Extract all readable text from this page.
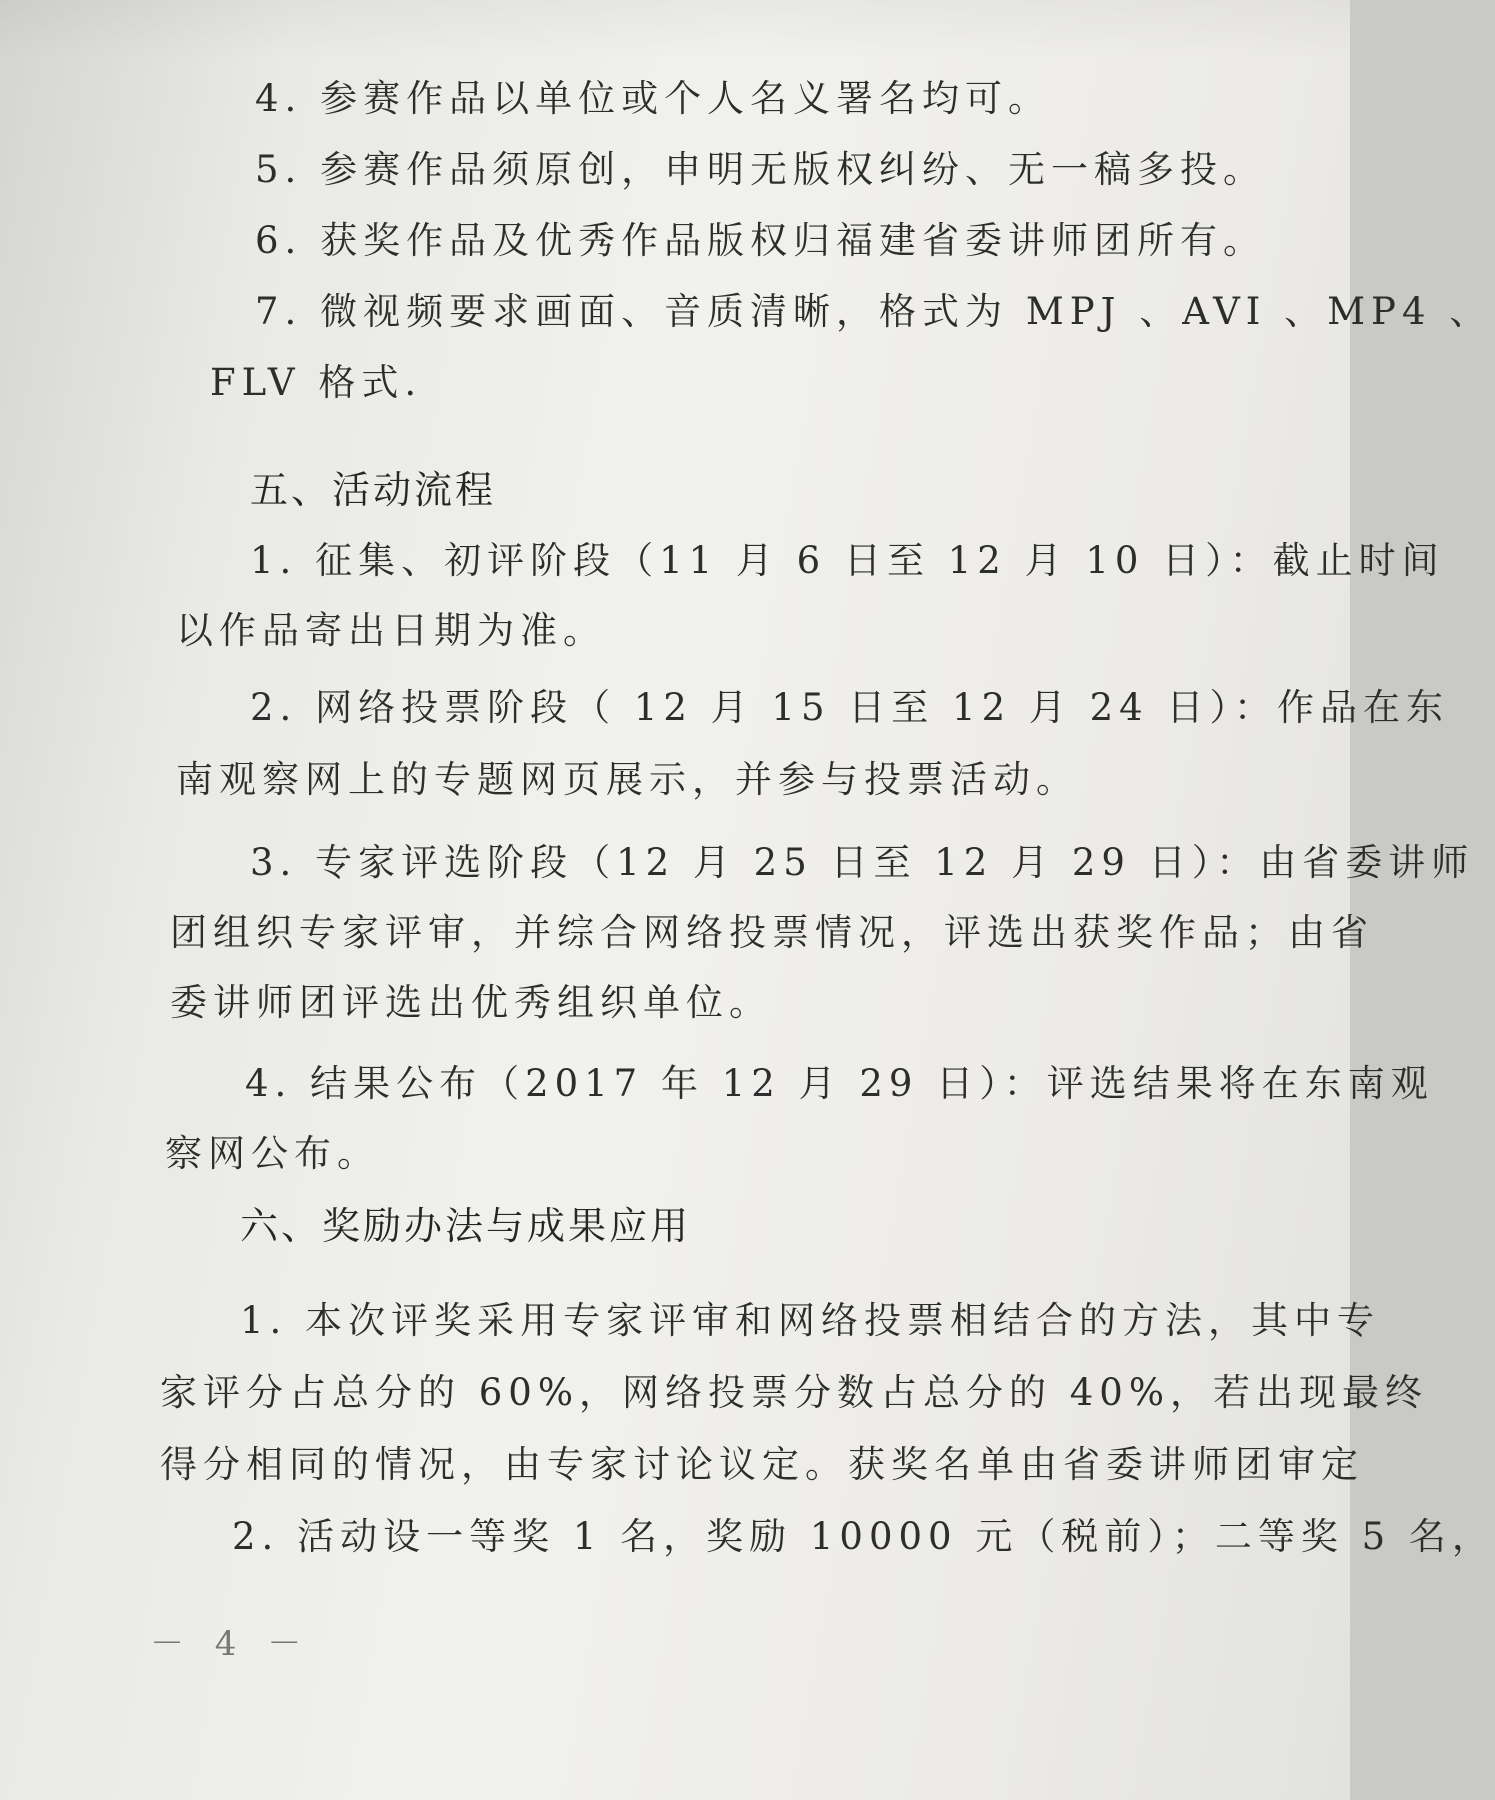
4. 参赛作品以单位或个人名义署名均可。
5. 参赛作品须原创，申明无版权纠纷、无一稿多投。
6. 获奖作品及优秀作品版权归福建省委讲师团所有。
7. 微视频要求画面、音质清晰，格式为 MPJ 、AVI 、MP4 、
FLV 格式.
五、活动流程
1. 征集、初评阶段（11 月 6 日至 12 月 10 日）：截止时间
以作品寄出日期为准。
2. 网络投票阶段（ 12 月 15 日至 12 月 24 日）：作品在东
南观察网上的专题网页展示，并参与投票活动。
3. 专家评选阶段（12 月 25 日至 12 月 29 日）：由省委讲师
团组织专家评审，并综合网络投票情况，评选出获奖作品；由省
委讲师团评选出优秀组织单位。
4. 结果公布（2017 年 12 月 29 日）：评选结果将在东南观
察网公布。
六、奖励办法与成果应用
1. 本次评奖采用专家评审和网络投票相结合的方法，其中专
家评分占总分的 60%，网络投票分数占总分的 40%，若出现最终
得分相同的情况，由专家讨论议定。获奖名单由省委讲师团审定
2. 活动设一等奖 1 名，奖励 10000 元（税前）；二等奖 5 名，
－ 4 －
